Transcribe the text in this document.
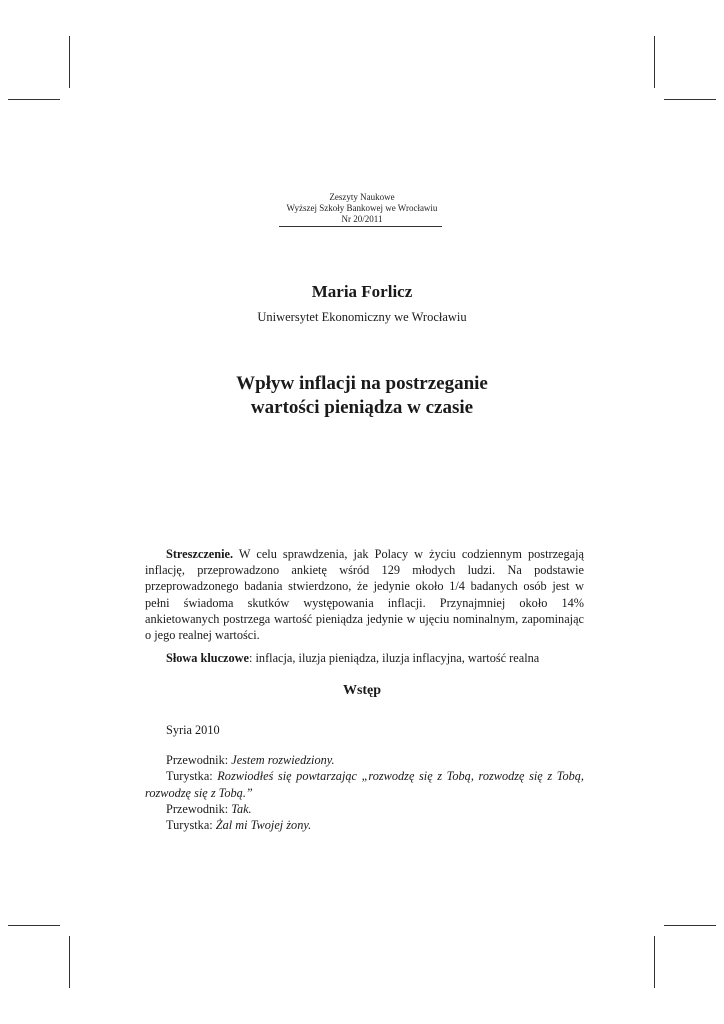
Zeszyty Naukowe
Wyższej Szkoły Bankowej we Wrocławiu
Nr 20/2011
Maria Forlicz
Uniwersytet Ekonomiczny we Wrocławiu
Wpływ inflacji na postrzeganie
wartości pieniądza w czasie

Streszczenie. W celu sprawdzenia, jak Polacy w życiu codziennym postrzegają inflację, przeprowadzono ankietę wśród 129 młodych ludzi. Na podstawie przeprowadzonego badania stwierdzono, że jedynie około 1/4 badanych osób jest w pełni świadoma skutków występowania inflacji. Przynajmniej około 14% ankietowanych postrzega wartość pieniądza jedynie w ujęciu nominalnym, zapominając o jego realnej wartości.

Słowa kluczowe: inflacja, iluzja pieniądza, iluzja inflacyjna, wartość realna

Wstęp

Syria 2010

Przewodnik: Jestem rozwiedziony.

Turystka: Rozwiodłeś się powtarzając „rozwodzę się z Tobą, rozwodzę się z Tobą, rozwodzę się z Tobą.”

Przewodnik: Tak.

Turystka: Żal mi Twojej żony.
